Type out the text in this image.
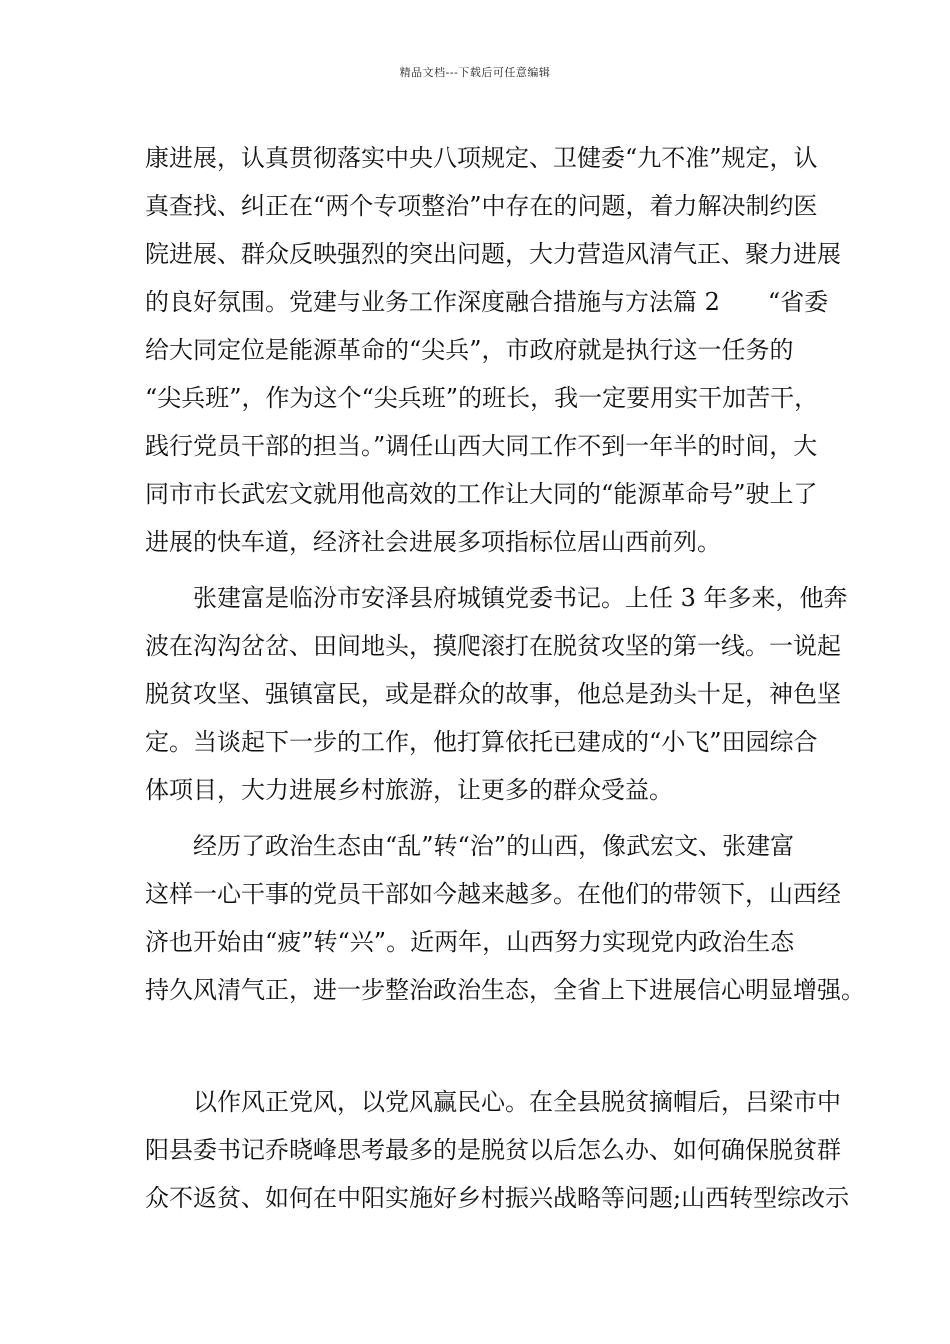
精品文档---下载后可任意编辑
康进展，认真贯彻落实中央八项规定、卫健委“九不准”规定，认
真查找、纠正在“两个专项整治”中存在的问题，着力解决制约医
院进展、群众反映强烈的突出问题，大力营造风清气正、聚力进展
的良好氛围。党建与业务工作深度融合措施与方法篇 2　　“省委
给大同定位是能源革命的“尖兵”，市政府就是执行这一任务的
“尖兵班”，作为这个“尖兵班”的班长，我一定要用实干加苦干，
践行党员干部的担当。”调任山西大同工作不到一年半的时间，大
同市市长武宏文就用他高效的工作让大同的“能源革命号”驶上了
进展的快车道，经济社会进展多项指标位居山西前列。
　　张建富是临汾市安泽县府城镇党委书记。上任 3 年多来，他奔
波在沟沟岔岔、田间地头，摸爬滚打在脱贫攻坚的第一线。一说起
脱贫攻坚、强镇富民，或是群众的故事，他总是劲头十足，神色坚
定。当谈起下一步的工作，他打算依托已建成的“小飞”田园综合
体项目，大力进展乡村旅游，让更多的群众受益。
　　经历了政治生态由“乱”转“治”的山西，像武宏文、张建富
这样一心干事的党员干部如今越来越多。在他们的带领下，山西经
济也开始由“疲”转“兴”。近两年，山西努力实现党内政治生态
持久风清气正，进一步整治政治生态，全省上下进展信心明显增强。
　　以作风正党风，以党风赢民心。在全县脱贫摘帽后，吕梁市中
阳县委书记乔晓峰思考最多的是脱贫以后怎么办、如何确保脱贫群
众不返贫、如何在中阳实施好乡村振兴战略等问题;山西转型综改示
